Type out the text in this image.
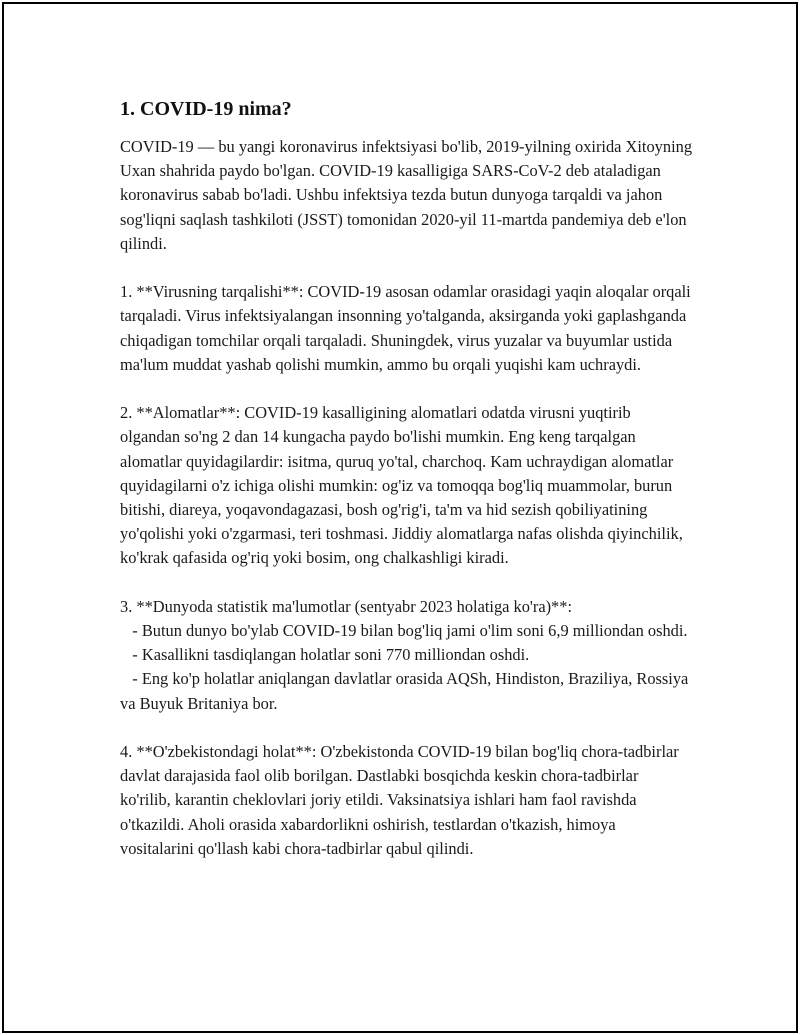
1. COVID-19 nima?

COVID-19 — bu yangi koronavirus infektsiyasi bo'lib, 2019-yilning oxirida Xitoyning Uxan shahrida paydo bo'lgan. COVID-19 kasalligiga SARS-CoV-2 deb ataladigan koronavirus sabab bo'ladi. Ushbu infektsiya tezda butun dunyoga tarqaldi va jahon sog'liqni saqlash tashkiloti (JSST) tomonidan 2020-yil 11-martda pandemiya deb e'lon qilindi.

1. **Virusning tarqalishi**: COVID-19 asosan odamlar orasidagi yaqin aloqalar orqali tarqaladi. Virus infektsiyalangan insonning yo'talganda, aksirganda yoki gaplashganda chiqadigan tomchilar orqali tarqaladi. Shuningdek, virus yuzalar va buyumlar ustida ma'lum muddat yashab qolishi mumkin, ammo bu orqali yuqishi kam uchraydi.

2. **Alomatlar**: COVID-19 kasalligining alomatlari odatda virusni yuqtirib olgandan so'ng 2 dan 14 kungacha paydo bo'lishi mumkin. Eng keng tarqalgan alomatlar quyidagilardir: isitma, quruq yo'tal, charchoq. Kam uchraydigan alomatlar quyidagilarni o'z ichiga olishi mumkin: og'iz va tomoqqa bog'liq muammolar, burun bitishi, diareya, yoqavondagazasi, bosh og'rig'i, ta'm va hid sezish qobiliyatining yo'qolishi yoki o'zgarmasi, teri toshmasi. Jiddiy alomatlarga nafas olishda qiyinchilik, ko'krak qafasida og'riq yoki bosim, ong chalkashligi kiradi.

3. **Dunyoda statistik ma'lumotlar (sentyabr 2023 holatiga ko'ra)**:

- Butun dunyo bo'ylab COVID-19 bilan bog'liq jami o'lim soni 6,9 milliondan oshdi.

- Kasallikni tasdiqlangan holatlar soni 770 milliondan oshdi.

- Eng ko'p holatlar aniqlangan davlatlar orasida AQSh, Hindiston, Braziliya, Rossiya va Buyuk Britaniya bor.

4. **O'zbekistondagi holat**: O'zbekistonda COVID-19 bilan bog'liq chora-tadbirlar davlat darajasida faol olib borilgan. Dastlabki bosqichda keskin chora-tadbirlar ko'rilib, karantin cheklovlari joriy etildi. Vaksinatsiya ishlari ham faol ravishda o'tkazildi. Aholi orasida xabardorlikni oshirish, testlardan o'tkazish, himoya vositalarini qo'llash kabi chora-tadbirlar qabul qilindi.
